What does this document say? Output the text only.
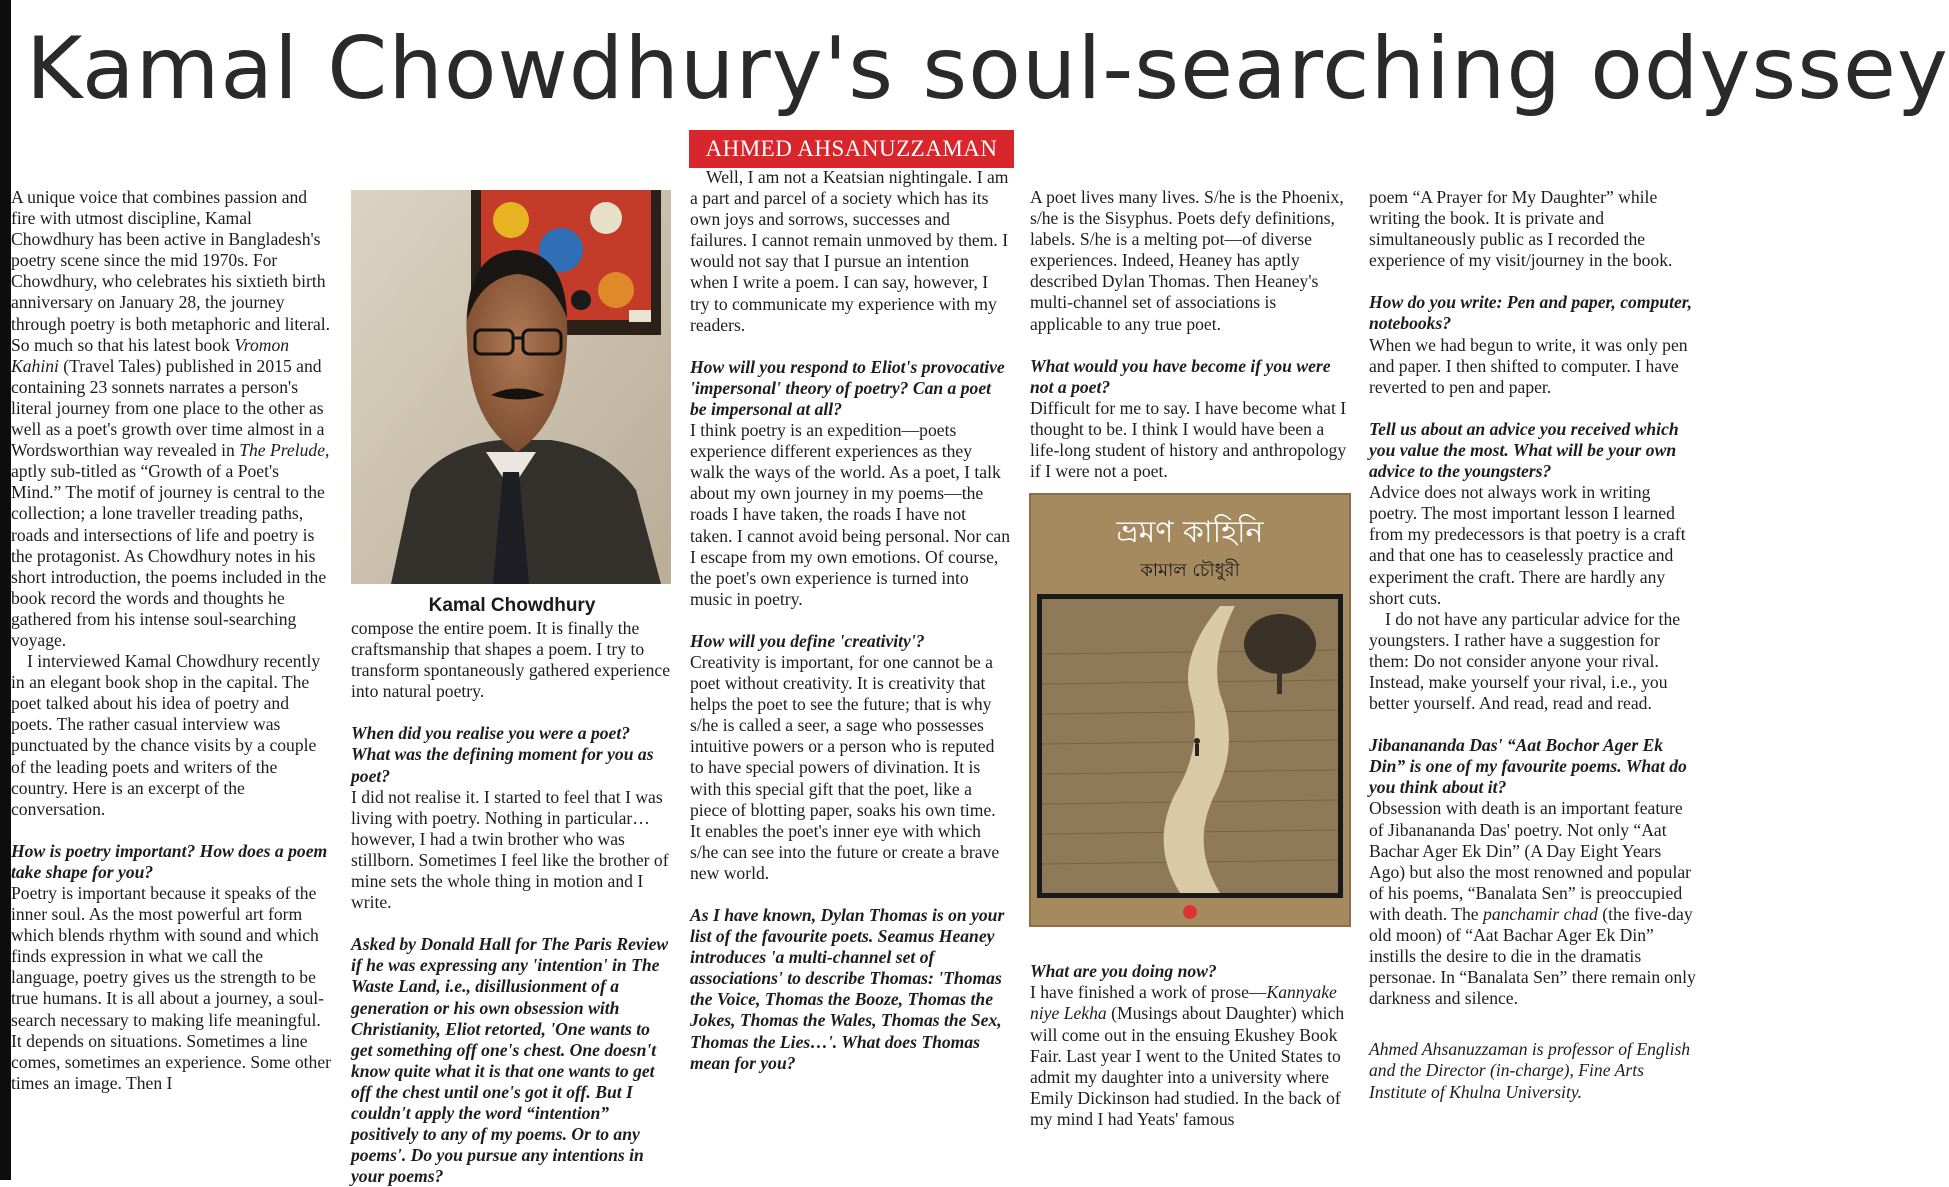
Kamal Chowdhury's soul-searching odyssey
AHMED AHSANUZZAMAN

A unique voice that combines passion and fire with utmost discipline, Kamal Chowdhury has been active in Bangladesh's poetry scene since the mid 1970s. For Chowdhury, who celebrates his sixtieth birth anniversary on January 28, the journey through poetry is both metaphoric and literal. So much so that his latest book Vromon Kahini (Travel Tales) published in 2015 and containing 23 sonnets narrates a person's literal journey from one place to the other as well as a poet's growth over time almost in a Wordsworthian way revealed in The Prelude, aptly sub-titled as “Growth of a Poet's Mind.” The motif of journey is central to the collection; a lone traveller treading paths, roads and intersections of life and poetry is the protagonist. As Chowdhury notes in his short introduction, the poems included in the book record the words and thoughts he gathered from his intense soul-searching voyage.

I interviewed Kamal Chowdhury recently in an elegant book shop in the capital. The poet talked about his idea of poetry and poets. The rather casual interview was punctuated by the chance visits by a couple of the leading poets and writers of the country. Here is an excerpt of the conversation.

How is poetry important? How does a poem take shape for you?

Poetry is important because it speaks of the inner soul. As the most powerful art form which blends rhythm with sound and which finds expression in what we call the language, poetry gives us the strength to be true humans. It is all about a journey, a soul-search necessary to making life meaningful. It depends on situations. Sometimes a line comes, sometimes an experience. Some other times an image. Then I

Kamal Chowdhury

compose the entire poem. It is finally the craftsmanship that shapes a poem. I try to transform spontaneously gathered experience into natural poetry.

When did you realise you were a poet? What was the defining moment for you as poet?

I did not realise it. I started to feel that I was living with poetry. Nothing in particular…however, I had a twin brother who was stillborn. Sometimes I feel like the brother of mine sets the whole thing in motion and I write.

Asked by Donald Hall for The Paris Review if he was expressing any 'intention' in The Waste Land, i.e., disillusionment of a generation or his own obsession with Christianity, Eliot retorted, 'One wants to get something off one's chest. One doesn't know quite what it is that one wants to get off the chest until one's got it off. But I couldn't apply the word “intention” positively to any of my poems. Or to any poems'. Do you pursue any intentions in your poems?

Well, I am not a Keatsian nightingale. I am a part and parcel of a society which has its own joys and sorrows, successes and failures. I cannot remain unmoved by them. I would not say that I pursue an intention when I write a poem. I can say, however, I try to communicate my experience with my readers.

How will you respond to Eliot's provocative 'impersonal' theory of poetry? Can a poet be impersonal at all?

I think poetry is an expedition—poets experience different experiences as they walk the ways of the world. As a poet, I talk about my own journey in my poems—the roads I have taken, the roads I have not taken. I cannot avoid being personal. Nor can I escape from my own emotions. Of course, the poet's own experience is turned into music in poetry.

How will you define 'creativity'?

Creativity is important, for one cannot be a poet without creativity. It is creativity that helps the poet to see the future; that is why s/he is called a seer, a sage who possesses intuitive powers or a person who is reputed to have special powers of divination. It is with this special gift that the poet, like a piece of blotting paper, soaks his own time. It enables the poet's inner eye with which s/he can see into the future or create a brave new world.

As I have known, Dylan Thomas is on your list of the favourite poets. Seamus Heaney introduces 'a multi-channel set of associations' to describe Thomas: 'Thomas the Voice, Thomas the Booze, Thomas the Jokes, Thomas the Wales, Thomas the Sex, Thomas the Lies…'. What does Thomas mean for you?

A poet lives many lives. S/he is the Phoenix, s/he is the Sisyphus. Poets defy definitions, labels. S/he is a melting pot—of diverse experiences. Indeed, Heaney has aptly described Dylan Thomas. Then Heaney's multi-channel set of associations is applicable to any true poet.

What would you have become if you were not a poet?

Difficult for me to say. I have become what I thought to be. I think I would have been a life-long student of history and anthropology if I were not a poet.

ভ্রমণ কাহিনি
কামাল চৌধুরী

What are you doing now?

I have finished a work of prose—Kannyake niye Lekha (Musings about Daughter) which will come out in the ensuing Ekushey Book Fair. Last year I went to the United States to admit my daughter into a university where Emily Dickinson had studied. In the back of my mind I had Yeats' famous

poem “A Prayer for My Daughter” while writing the book. It is private and simultaneously public as I recorded the experience of my visit/journey in the book.

How do you write: Pen and paper, computer, notebooks?

When we had begun to write, it was only pen and paper. I then shifted to computer. I have reverted to pen and paper.

Tell us about an advice you received which you value the most. What will be your own advice to the youngsters?

Advice does not always work in writing poetry. The most important lesson I learned from my predecessors is that poetry is a craft and that one has to ceaselessly practice and experiment the craft. There are hardly any short cuts.

I do not have any particular advice for the youngsters. I rather have a suggestion for them: Do not consider anyone your rival. Instead, make yourself your rival, i.e., you better yourself. And read, read and read.

Jibanananda Das' “Aat Bochor Ager Ek Din” is one of my favourite poems. What do you think about it?

Obsession with death is an important feature of Jibanananda Das' poetry. Not only “Aat Bachar Ager Ek Din” (A Day Eight Years Ago) but also the most renowned and popular of his poems, “Banalata Sen” is preoccupied with death. The panchamir chad (the five-day old moon) of “Aat Bachar Ager Ek Din” instills the desire to die in the dramatis personae. In “Banalata Sen” there remain only darkness and silence.

Ahmed Ahsanuzzaman is professor of English and the Director (in-charge), Fine Arts Institute of Khulna University.
